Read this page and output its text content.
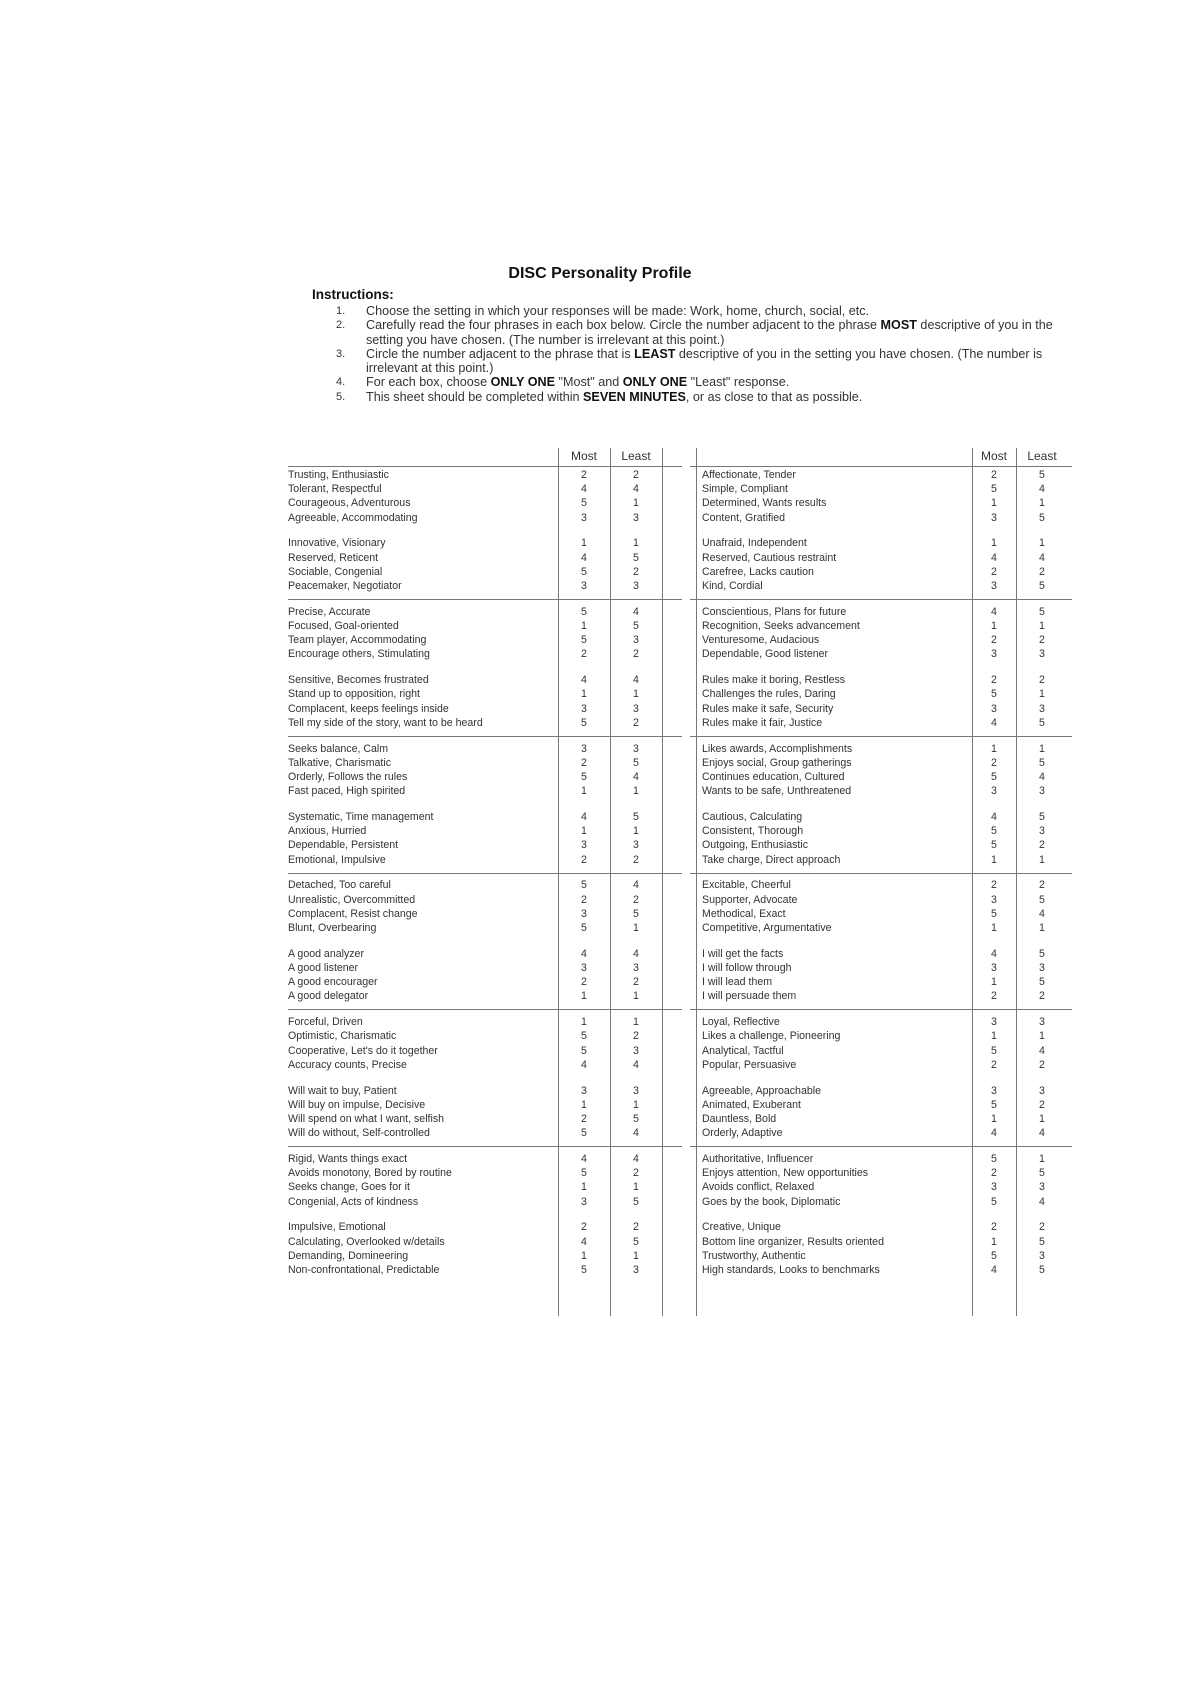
DISC Personality Profile
Instructions:
1. Choose the setting in which your responses will be made: Work, home, church, social, etc.
2. Carefully read the four phrases in each box below. Circle the number adjacent to the phrase MOST descriptive of you in the setting you have chosen. (The number is irrelevant at this point.)
3. Circle the number adjacent to the phrase that is LEAST descriptive of you in the setting you have chosen. (The number is irrelevant at this point.)
4. For each box, choose ONLY ONE "Most" and ONLY ONE "Least" response.
5. This sheet should be completed within SEVEN MINUTES, or as close to that as possible.
Most	Least
Trusting, Enthusiastic	2	2
Tolerant, Respectful	4	4
Courageous, Adventurous	5	1
Agreeable, Accommodating	3	3
Innovative, Visionary	1	1
Reserved, Reticent	4	5
Sociable, Congenial	5	2
Peacemaker, Negotiator	3	3
Precise, Accurate	5	4
Focused, Goal-oriented	1	5
Team player, Accommodating	5	3
Encourage others, Stimulating	2	2
Sensitive, Becomes frustrated	4	4
Stand up to opposition, right	1	1
Complacent, keeps feelings inside	3	3
Tell my side of the story, want to be heard	5	2
Seeks balance, Calm	3	3
Talkative, Charismatic	2	5
Orderly, Follows the rules	5	4
Fast paced, High spirited	1	1
Systematic, Time management	4	5
Anxious, Hurried	1	1
Dependable, Persistent	3	3
Emotional, Impulsive	2	2
Detached, Too careful	5	4
Unrealistic, Overcommitted	2	2
Complacent, Resist change	3	5
Blunt, Overbearing	5	1
A good analyzer	4	4
A good listener	3	3
A good encourager	2	2
A good delegator	1	1
Forceful, Driven	1	1
Optimistic, Charismatic	5	2
Cooperative, Let's do it together	5	3
Accuracy counts, Precise	4	4
Will wait to buy, Patient	3	3
Will buy on impulse, Decisive	1	1
Will spend on what I want, selfish	2	5
Will do without, Self-controlled	5	4
Rigid, Wants things exact	4	4
Avoids monotony, Bored by routine	5	2
Seeks change, Goes for it	1	1
Congenial, Acts of kindness	3	5
Impulsive, Emotional	2	2
Calculating, Overlooked w/details	4	5
Demanding, Domineering	1	1
Non-confrontational, Predictable	5	3
Most	Least
Affectionate, Tender	2	5
Simple, Compliant	5	4
Determined, Wants results	1	1
Content, Gratified	3	5
Unafraid, Independent	1	1
Reserved, Cautious restraint	4	4
Carefree, Lacks caution	2	2
Kind, Cordial	3	5
Conscientious, Plans for future	4	5
Recognition, Seeks advancement	1	1
Venturesome, Audacious	2	2
Dependable, Good listener	3	3
Rules make it boring, Restless	2	2
Challenges the rules, Daring	5	1
Rules make it safe, Security	3	3
Rules make it fair, Justice	4	5
Likes awards, Accomplishments	1	1
Enjoys social, Group gatherings	2	5
Continues education, Cultured	5	4
Wants to be safe, Unthreatened	3	3
Cautious, Calculating	4	5
Consistent, Thorough	5	3
Outgoing, Enthusiastic	5	2
Take charge, Direct approach	1	1
Excitable, Cheerful	2	2
Supporter, Advocate	3	5
Methodical, Exact	5	4
Competitive, Argumentative	1	1
I will get the facts	4	5
I will follow through	3	3
I will lead them	1	5
I will persuade them	2	2
Loyal, Reflective	3	3
Likes a challenge, Pioneering	1	1
Analytical, Tactful	5	4
Popular, Persuasive	2	2
Agreeable, Approachable	3	3
Animated, Exuberant	5	2
Dauntless, Bold	1	1
Orderly, Adaptive	4	4
Authoritative, Influencer	5	1
Enjoys attention, New opportunities	2	5
Avoids conflict, Relaxed	3	3
Goes by the book, Diplomatic	5	4
Creative, Unique	2	2
Bottom line organizer, Results oriented	1	5
Trustworthy, Authentic	5	3
High standards, Looks to benchmarks	4	5
